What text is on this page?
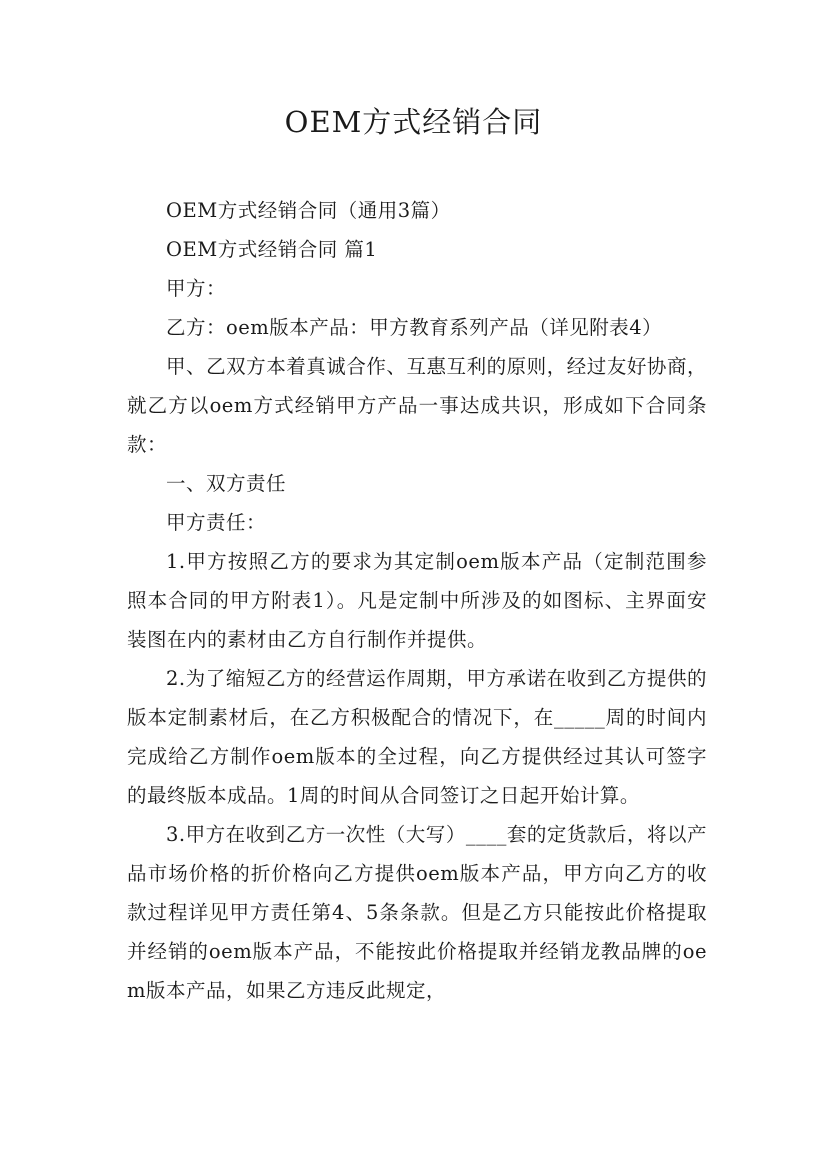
OEM方式经销合同

OEM方式经销合同（通用3篇）

OEM方式经销合同 篇1

甲方：

乙方：oem版本产品：甲方教育系列产品（详见附表4）

甲、乙双方本着真诚合作、互惠互利的原则，经过友好协商，就乙方以oem方式经销甲方产品一事达成共识，形成如下合同条款：

一、双方责任

甲方责任：

1.甲方按照乙方的要求为其定制oem版本产品（定制范围参照本合同的甲方附表1）。凡是定制中所涉及的如图标、主界面安装图在内的素材由乙方自行制作并提供。

2.为了缩短乙方的经营运作周期，甲方承诺在收到乙方提供的版本定制素材后，在乙方积极配合的情况下，在_____周的时间内完成给乙方制作oem版本的全过程，向乙方提供经过其认可签字的最终版本成品。1周的时间从合同签订之日起开始计算。

3.甲方在收到乙方一次性（大写）____套的定货款后，将以产品市场价格的折价格向乙方提供oem版本产品，甲方向乙方的收款过程详见甲方责任第4、5条条款。但是乙方只能按此价格提取并经销的oem版本产品，不能按此价格提取并经销龙教品牌的oem版本产品，如果乙方违反此规定，
